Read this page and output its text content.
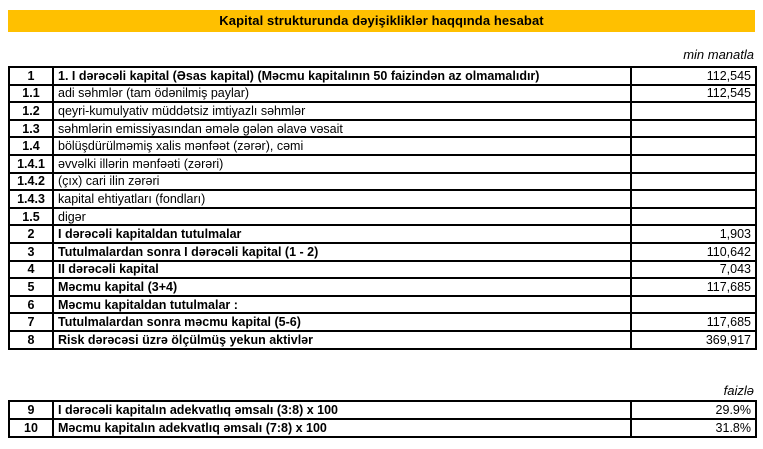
Kapital strukturunda dəyişikliklər haqqında hesabat
min manatla
1	1. I dərəcəli kapital (Əsas kapital) (Məcmu kapitalının 50 faizindən az olmamalıdır)	112,545
1.1	adi səhmlər (tam ödənilmiş paylar)	112,545
1.2	qeyri-kumulyativ müddətsiz imtiyazlı səhmlər	
1.3	səhmlərin emissiyasından əmələ gələn əlavə vəsait	
1.4	bölüşdürülməmiş xalis mənfəət (zərər), cəmi	
1.4.1	əvvəlki illərin mənfəəti (zərəri)	
1.4.2	(çıx) cari ilin zərəri	
1.4.3	kapital ehtiyatları (fondları)	
1.5	digər	
2	I dərəcəli kapitaldan tutulmalar	1,903
3	Tutulmalardan sonra I dərəcəli kapital (1 - 2)	110,642
4	II dərəcəli kapital	7,043
5	Məcmu kapital (3+4)	117,685
6	Məcmu kapitaldan tutulmalar :	
7	Tutulmalardan sonra məcmu kapital (5-6)	117,685
8	Risk dərəcəsi üzrə ölçülmüş yekun aktivlər	369,917
faizlə
9	I dərəcəli kapitalın adekvatlıq əmsalı (3:8) x 100	29.9%
10	Məcmu kapitalın adekvatlıq əmsalı (7:8) x 100	31.8%
